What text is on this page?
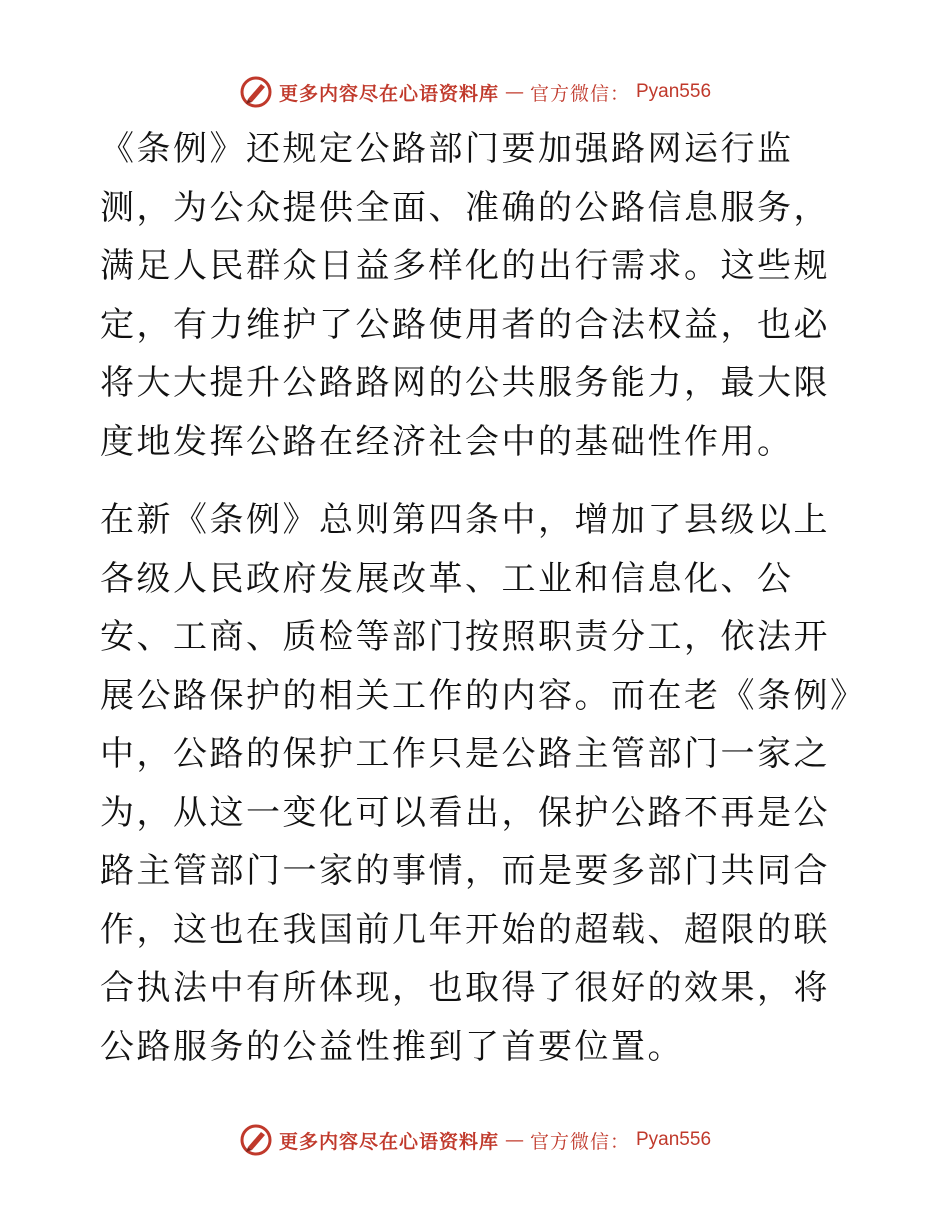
更多内容尽在心语资料库 — 官方微信： Pyan556

《条例》还规定公路部门要加强路网运行监测，为公众提供全面、准确的公路信息服务，满足人民群众日益多样化的出行需求。这些规定，有力维护了公路使用者的合法权益，也必将大大提升公路路网的公共服务能力，最大限度地发挥公路在经济社会中的基础性作用。

在新《条例》总则第四条中，增加了县级以上各级人民政府发展改革、工业和信息化、公安、工商、质检等部门按照职责分工，依法开展公路保护的相关工作的内容。而在老《条例》中，公路的保护工作只是公路主管部门一家之为，从这一变化可以看出，保护公路不再是公路主管部门一家的事情，而是要多部门共同合作，这也在我国前几年开始的超载、超限的联合执法中有所体现，也取得了很好的效果，将公路服务的公益性推到了首要位置。

更多内容尽在心语资料库 — 官方微信： Pyan556
